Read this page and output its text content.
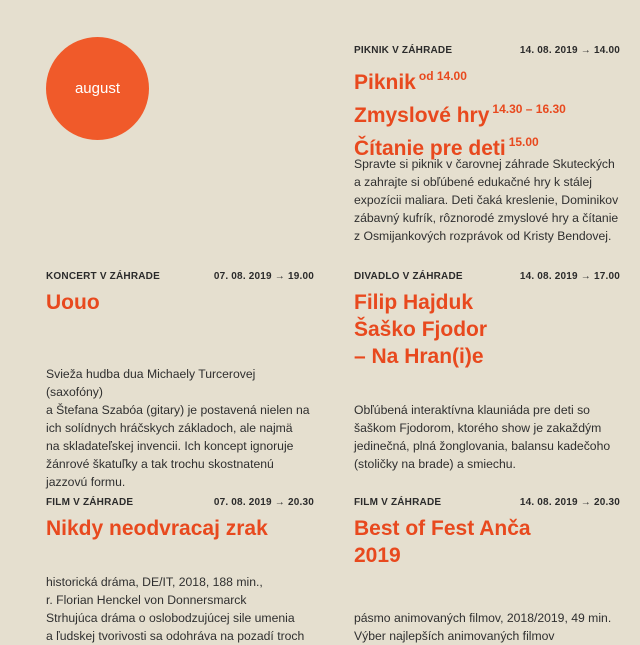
august
PIKNIK V ZÁHRADE	14. 08. 2019 → 14.00
Piknik $^{od 14.00}$
Zmyslové hry $^{14.30 - 16.30}$
Čítanie pre deti $^{15.00}$
Spravte si piknik v čarovnej záhrade Skuteckých
a zahrajte si obľúbené edukačné hry k stálej
expozícii maliara. Deti čaká kreslenie, Dominikov
zábavný kufrík, rôznorodé zmyslové hry a čítanie
z Osmijankových rozprávok od Kristy Bendovej.
KONCERT V ZÁHRADE	07. 08. 2019 → 19.00
Uouo
Svieža hudba dua Michaely Turcerovej (saxofóny)
a Štefana Szabóa (gitary) je postavená nielen na
ich solídnych hráčskych základoch, ale najmä
na skladateľskej invencii. Ich koncept ignoruje
žánrové škatuľky a tak trochu skostnatenú
jazzovú formu.
DIVADLO V ZÁHRADE	14. 08. 2019 → 17.00
Filip Hajduk
Šaško Fjodor
– Na Hran(i)e
Obľúbená interaktívna klauniáda pre deti so
šaškom Fjodorom, ktorého show je zakaždým
jedinečná, plná žonglovania, balansu kadečoho
(stoličky na brade) a smiechu.
FILM V ZÁHRADE	07. 08. 2019 → 20.30
Nikdy neodvracaj zrak
historická dráma, DE/IT, 2018, 188 min.,
r. Florian Henckel von Donnersmarck
Strhujúca dráma o oslobodzujúcej sile umenia
a ľudskej tvorivosti sa odohráva na pozadí troch
FILM V ZÁHRADE	14. 08. 2019 → 20.30
Best of Fest Anča
2019
pásmo animovaných filmov, 2018/2019, 49 min.
Výber najlepších animovaných filmov
